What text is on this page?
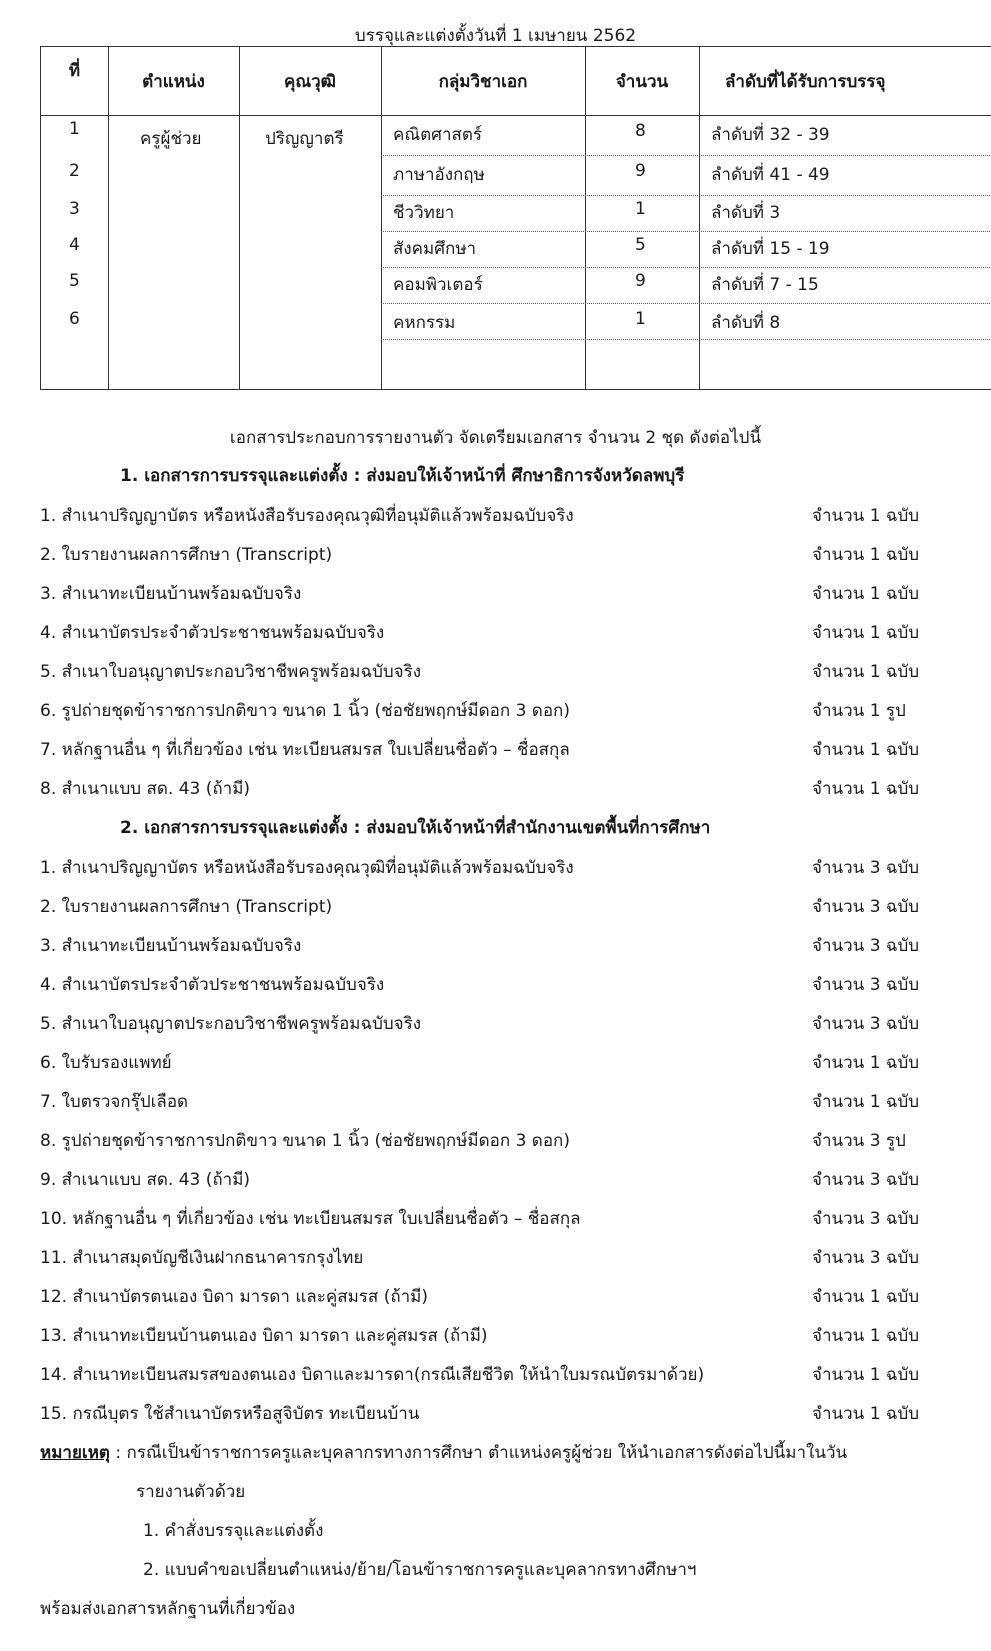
บรรจุและแต่งตั้งวันที่ 1 เมษายน 2562
ที่
ตำแหน่ง	คุณวุฒิ	กลุ่มวิชาเอก	จำนวน	ลำดับที่ได้รับการบรรจุ
ครูผู้ช่วย	ปริญญาตรี
1	คณิตศาสตร์	8	ลำดับที่ 32 - 39
2	ภาษาอังกฤษ	9	ลำดับที่ 41 - 49
3	ชีววิทยา	1	ลำดับที่ 3
4	สังคมศึกษา	5	ลำดับที่ 15 - 19
5	คอมพิวเตอร์	9	ลำดับที่ 7 - 15
6	คหกรรม	1	ลำดับที่ 8
เอกสารประกอบการรายงานตัว จัดเตรียมเอกสาร จำนวน 2 ชุด ดังต่อไปนี้
1. เอกสารการบรรจุและแต่งตั้ง : ส่งมอบให้เจ้าหน้าที่ ศึกษาธิการจังหวัดลพบุรี
1. สำเนาปริญญาบัตร หรือหนังสือรับรองคุณวุฒิที่อนุมัติแล้วพร้อมฉบับจริง	จำนวน 1 ฉบับ
2. ใบรายงานผลการศึกษา (Transcript)	จำนวน 1 ฉบับ
3. สำเนาทะเบียนบ้านพร้อมฉบับจริง	จำนวน 1 ฉบับ
4. สำเนาบัตรประจำตัวประชาชนพร้อมฉบับจริง	จำนวน 1 ฉบับ
5. สำเนาใบอนุญาตประกอบวิชาชีพครูพร้อมฉบับจริง	จำนวน 1 ฉบับ
6. รูปถ่ายชุดข้าราชการปกติขาว ขนาด 1 นิ้ว (ช่อชัยพฤกษ์มีดอก 3 ดอก)	จำนวน 1 รูป
7. หลักฐานอื่น ๆ ที่เกี่ยวข้อง เช่น ทะเบียนสมรส ใบเปลี่ยนชื่อตัว – ชื่อสกุล	จำนวน 1 ฉบับ
8. สำเนาแบบ สด. 43 (ถ้ามี)	จำนวน 1 ฉบับ
2. เอกสารการบรรจุและแต่งตั้ง : ส่งมอบให้เจ้าหน้าที่สำนักงานเขตพื้นที่การศึกษา
1. สำเนาปริญญาบัตร หรือหนังสือรับรองคุณวุฒิที่อนุมัติแล้วพร้อมฉบับจริง	จำนวน 3 ฉบับ
2. ใบรายงานผลการศึกษา (Transcript)	จำนวน 3 ฉบับ
3. สำเนาทะเบียนบ้านพร้อมฉบับจริง	จำนวน 3 ฉบับ
4. สำเนาบัตรประจำตัวประชาชนพร้อมฉบับจริง	จำนวน 3 ฉบับ
5. สำเนาใบอนุญาตประกอบวิชาชีพครูพร้อมฉบับจริง	จำนวน 3 ฉบับ
6. ใบรับรองแพทย์	จำนวน 1 ฉบับ
7. ใบตรวจกรุ๊ปเลือด	จำนวน 1 ฉบับ
8. รูปถ่ายชุดข้าราชการปกติขาว ขนาด 1 นิ้ว (ช่อชัยพฤกษ์มีดอก 3 ดอก)	จำนวน 3 รูป
9. สำเนาแบบ สด. 43 (ถ้ามี)	จำนวน 3 ฉบับ
10. หลักฐานอื่น ๆ ที่เกี่ยวข้อง เช่น ทะเบียนสมรส ใบเปลี่ยนชื่อตัว – ชื่อสกุล	จำนวน 3 ฉบับ
11. สำเนาสมุดบัญชีเงินฝากธนาคารกรุงไทย	จำนวน 3 ฉบับ
12. สำเนาบัตรตนเอง บิดา มารดา และคู่สมรส (ถ้ามี)	จำนวน 1 ฉบับ
13. สำเนาทะเบียนบ้านตนเอง บิดา มารดา และคู่สมรส (ถ้ามี)	จำนวน 1 ฉบับ
14. สำเนาทะเบียนสมรสของตนเอง บิดาและมารดา(กรณีเสียชีวิต ให้นำใบมรณบัตรมาด้วย)	จำนวน 1 ฉบับ
15. กรณีบุตร ใช้สำเนาบัตรหรือสูจิบัตร ทะเบียนบ้าน	จำนวน 1 ฉบับ
หมายเหตุ : กรณีเป็นข้าราชการครูและบุคลากรทางการศึกษา ตำแหน่งครูผู้ช่วย ให้นำเอกสารดังต่อไปนี้มาในวัน
รายงานตัวด้วย
1. คำสั่งบรรจุและแต่งตั้ง
2. แบบคำขอเปลี่ยนตำแหน่ง/ย้าย/โอนข้าราชการครูและบุคลากรทางศึกษาฯ
พร้อมส่งเอกสารหลักฐานที่เกี่ยวข้อง
